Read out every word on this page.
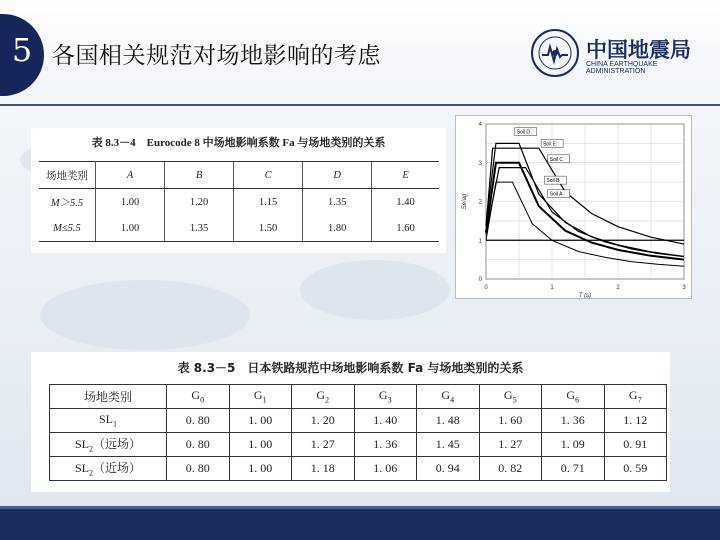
5 各国相关规范对场地影响的考虑	中国地震局
CHINA EARTHQUAKE ADMINISTRATION
表 8.3－4　Eurocode 8 中场地影响系数 Fa 与场地类别的关系
场地类别	A	B	C	D	E
M＞5.5	1.00	1.20	1.15	1.35	1.40
M≤5.5	1.00	1.35	1.50	1.80	1.60
0	1	2	3
0
1
2
3
4
T (s)
Se/ag
Soil D
Soil E
Soil C
Soil B
Soil A
表 8.3－5　日本铁路规范中场地影响系数 Fa 与场地类别的关系
场地类别	$G_0$	$G_1$	$G_2$	$G_3$	$G_4$	$G_5$	$G_6$	$G_7$
$SL_1$	0. 80	1. 00	1. 20	1. 40	1. 48	1. 60	1. 36	1. 12
$SL_2$（远场）	0. 80	1. 00	1. 27	1. 36	1. 45	1. 27	1. 09	0. 91
$SL_2$（近场）	0. 80	1. 00	1. 18	1. 06	0. 94	0. 82	0. 71	0. 59
